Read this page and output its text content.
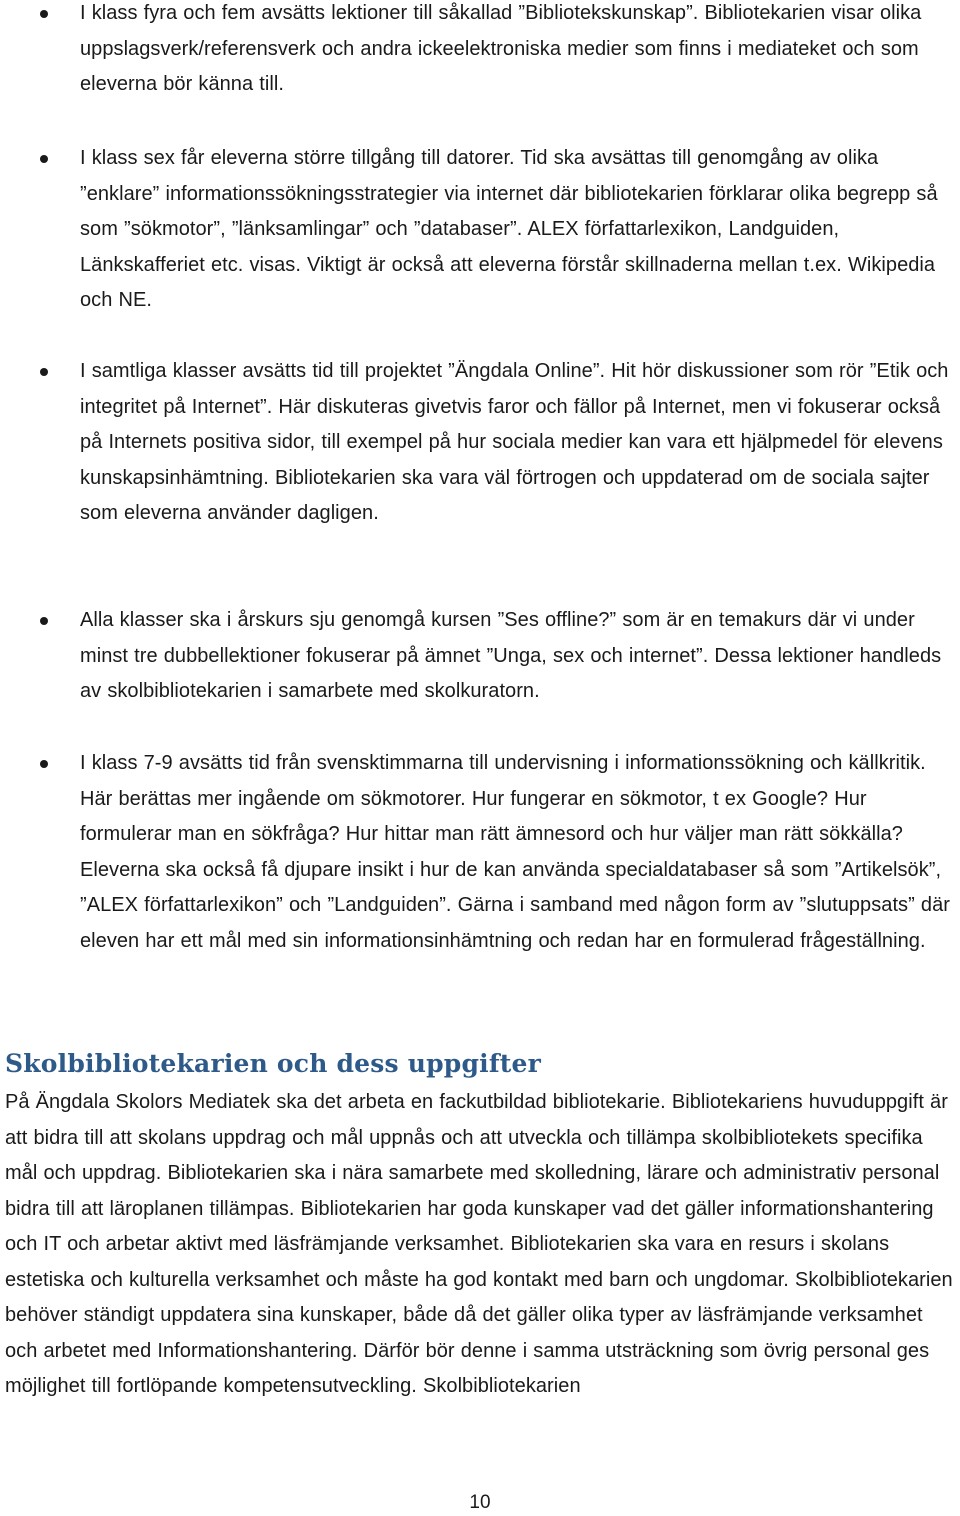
I klass fyra och fem avsätts lektioner till såkallad ”Bibliotekskunskap”. Bibliotekarien visar olika uppslagsverk/referensverk och andra ickeelektroniska medier som finns i mediateket och som eleverna bör känna till.
I klass sex får eleverna större tillgång till datorer. Tid ska avsättas till genomgång av olika ”enklare” informationssökningsstrategier via internet där bibliotekarien förklarar olika begrepp så som ”sökmotor”, ”länksamlingar” och ”databaser”. ALEX författarlexikon, Landguiden, Länkskafferiet etc. visas. Viktigt är också att eleverna förstår skillnaderna mellan t.ex. Wikipedia och NE.
I samtliga klasser avsätts tid till projektet ”Ängdala Online”. Hit hör diskussioner som rör ”Etik och integritet på Internet”. Här diskuteras givetvis faror och fällor på Internet, men vi fokuserar också på Internets positiva sidor, till exempel på hur sociala medier kan vara ett hjälpmedel för elevens kunskapsinhämtning. Bibliotekarien ska vara väl förtrogen och uppdaterad om de sociala sajter som eleverna använder dagligen.
Alla klasser ska i årskurs sju genomgå kursen ”Ses offline?” som är en temakurs där vi under minst tre dubbellektioner fokuserar på ämnet ”Unga, sex och internet”. Dessa lektioner handleds av skolbibliotekarien i samarbete med skolkuratorn.
I klass 7-9 avsätts tid från svensktimmarna till undervisning i informationssökning och källkritik. Här berättas mer ingående om sökmotorer. Hur fungerar en sökmotor, t ex Google? Hur formulerar man en sökfråga? Hur hittar man rätt ämnesord och hur väljer man rätt sökkälla? Eleverna ska också få djupare insikt i hur de kan använda specialdatabaser så som ”Artikelsök”, ”ALEX författarlexikon” och ”Landguiden”. Gärna i samband med någon form av ”slutuppsats” där eleven har ett mål med sin informationsinhämtning och redan har en formulerad frågeställning.
Skolbibliotekarien och dess uppgifter

På Ängdala Skolors Mediatek ska det arbeta en fackutbildad bibliotekarie. Bibliotekariens huvuduppgift är att bidra till att skolans uppdrag och mål uppnås och att utveckla och tillämpa skolbibliotekets specifika mål och uppdrag. Bibliotekarien ska i nära samarbete med skolledning, lärare och administrativ personal bidra till att läroplanen tillämpas. Bibliotekarien har goda kunskaper vad det gäller informationshantering och IT och arbetar aktivt med läsfrämjande verksamhet. Bibliotekarien ska vara en resurs i skolans estetiska och kulturella verksamhet och måste ha god kontakt med barn och ungdomar. Skolbibliotekarien behöver ständigt uppdatera sina kunskaper, både då det gäller olika typer av läsfrämjande verksamhet och arbetet med Informationshantering. Därför bör denne i samma utsträckning som övrig personal ges möjlighet till fortlöpande kompetensutveckling. Skolbibliotekarien

10
